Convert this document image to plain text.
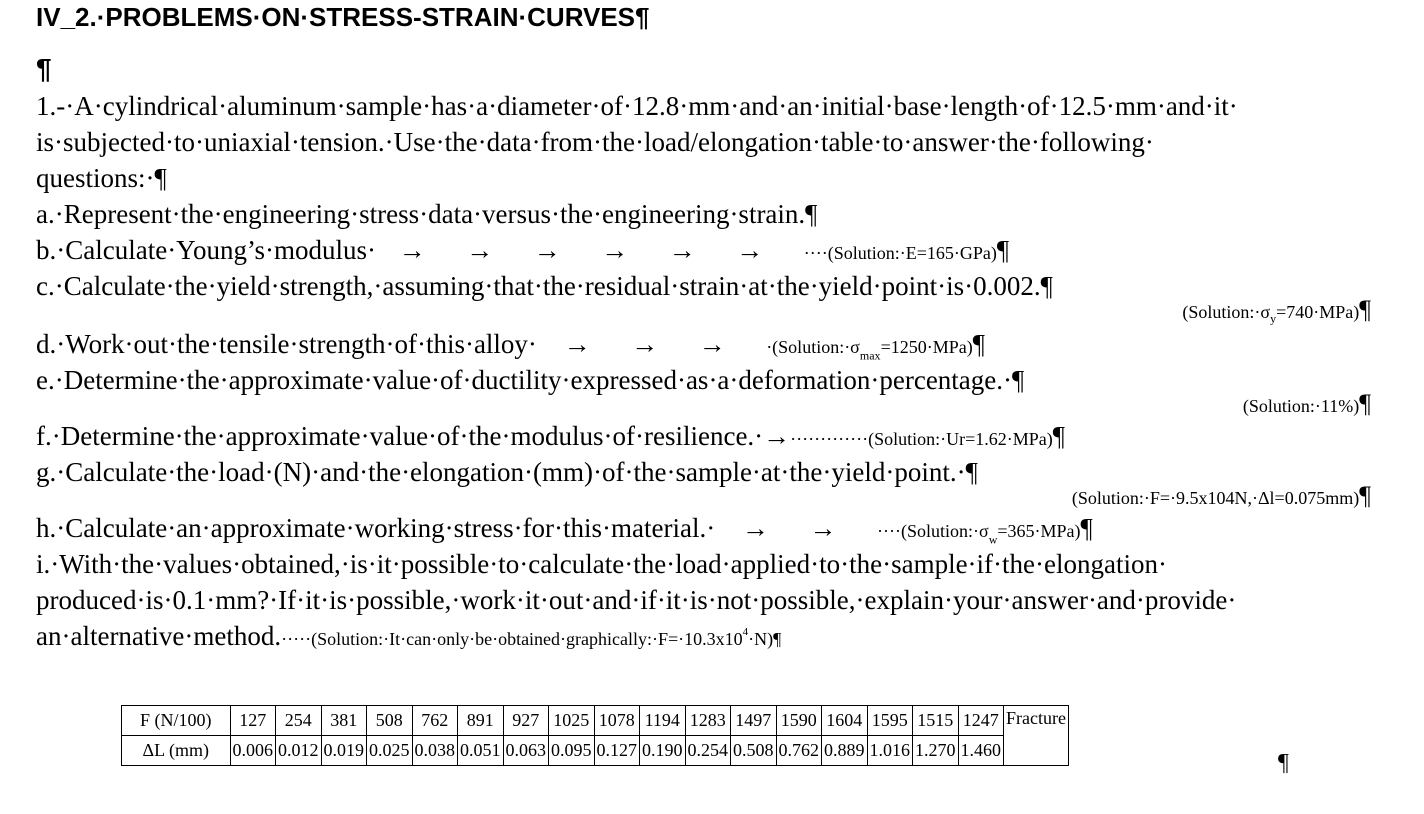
IV_2.·PROBLEMS·ON·STRESS-STRAIN·CURVES¶
¶
1.-·A·cylindrical·aluminum·sample·has·a·diameter·of·12.8·mm·and·an·initial·base·length·of·12.5·mm·and·it·
is·subjected·to·uniaxial·tension.·Use·the·data·from·the·load/elongation·table·to·answer·the·following·
questions:·¶
a.·Represent·the·engineering·stress·data·versus·the·engineering·strain.¶
b.·Calculate·Young’s·modulus· →      →      →      →      →      →      ····(Solution:·E=165·GPa)¶
c.·Calculate·the·yield·strength,·assuming·that·the·residual·strain·at·the·yield·point·is·0.002.¶
$(Solution:\cdot\sigma_y=740\cdot MPa)\P$
d.·Work·out·the·tensile·strength·of·this·alloy· →      →      →      $\cdot(Solution:\cdot\sigma_{max}=1250\cdot MPa)\P$
e.·Determine·the·approximate·value·of·ductility·expressed·as·a·deformation·percentage.·¶
(Solution:·11%)¶
f.·Determine·the·approximate·value·of·the·modulus·of·resilience.·→·············(Solution:·Ur=1.62·MPa)¶
g.·Calculate·the·load·(N)·and·the·elongation·(mm)·of·the·sample·at·the·yield·point.·¶
(Solution:·F=·9.5x104N,·Δl=0.075mm)¶
h.·Calculate·an·approximate·working·stress·for·this·material.· →      →      $\cdot\cdot\cdot\cdot(Solution:\cdot\sigma_w=365\cdot MPa)\P$
i.·With·the·values·obtained,·is·it·possible·to·calculate·the·load·applied·to·the·sample·if·the·elongation·
produced·is·0.1·mm?·If·it·is·possible,·work·it·out·and·if·it·is·not·possible,·explain·your·answer·and·provide·
$an\cdot alternative\cdot method.\cdot\cdot\cdot\cdot\cdot(Solution:\cdot It\cdot can\cdot only\cdot be\cdot obtained\cdot graphically:\cdot F=\cdot 10.3x10^4\cdot N)\P$
F (N/100)	127	254	381	508	762	891	927	1025	1078	1194	1283	1497	1590	1604	1595	1515	1247	Fracture
ΔL (mm)	0.006	0.012	0.019	0.025	0.038	0.051	0.063	0.095	0.127	0.190	0.254	0.508	0.762	0.889	1.016	1.270	1.460		¶
